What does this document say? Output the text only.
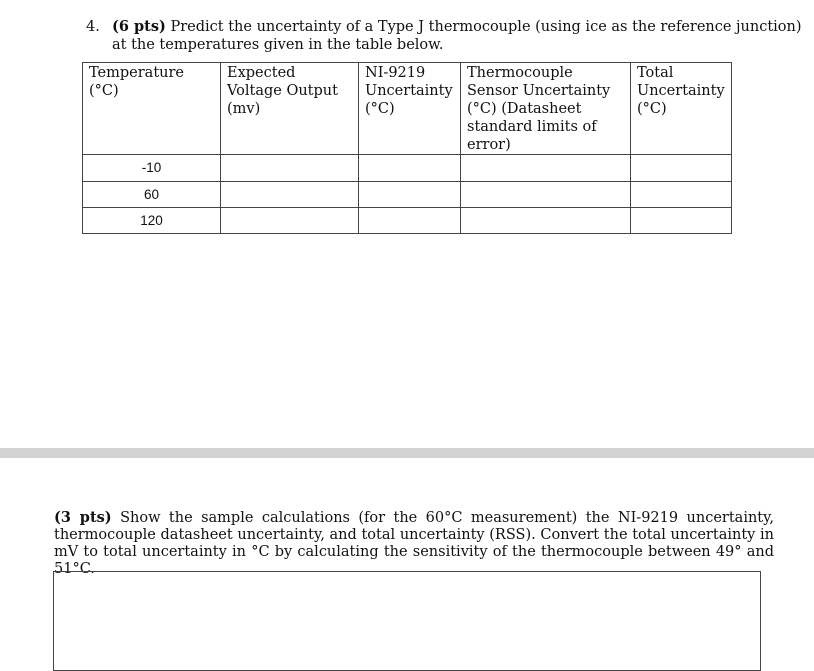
4. (6 pts) Predict the uncertainty of a Type J thermocouple (using ice as the reference junction) at the temperatures given in the table below.
Temperature (°C)	Expected Voltage Output (mv)	NI-9219 Uncertainty (°C)	Thermocouple Sensor Uncertainty (°C) (Datasheet standard limits of error)	Total Uncertainty (°C)
-10				
60				
120				
(3 pts) Show the sample calculations (for the 60°C measurement) the NI-9219 uncertainty, thermocouple datasheet uncertainty, and total uncertainty (RSS). Convert the total uncertainty in mV to total uncertainty in °C by calculating the sensitivity of the thermocouple between 49° and 51°C.
